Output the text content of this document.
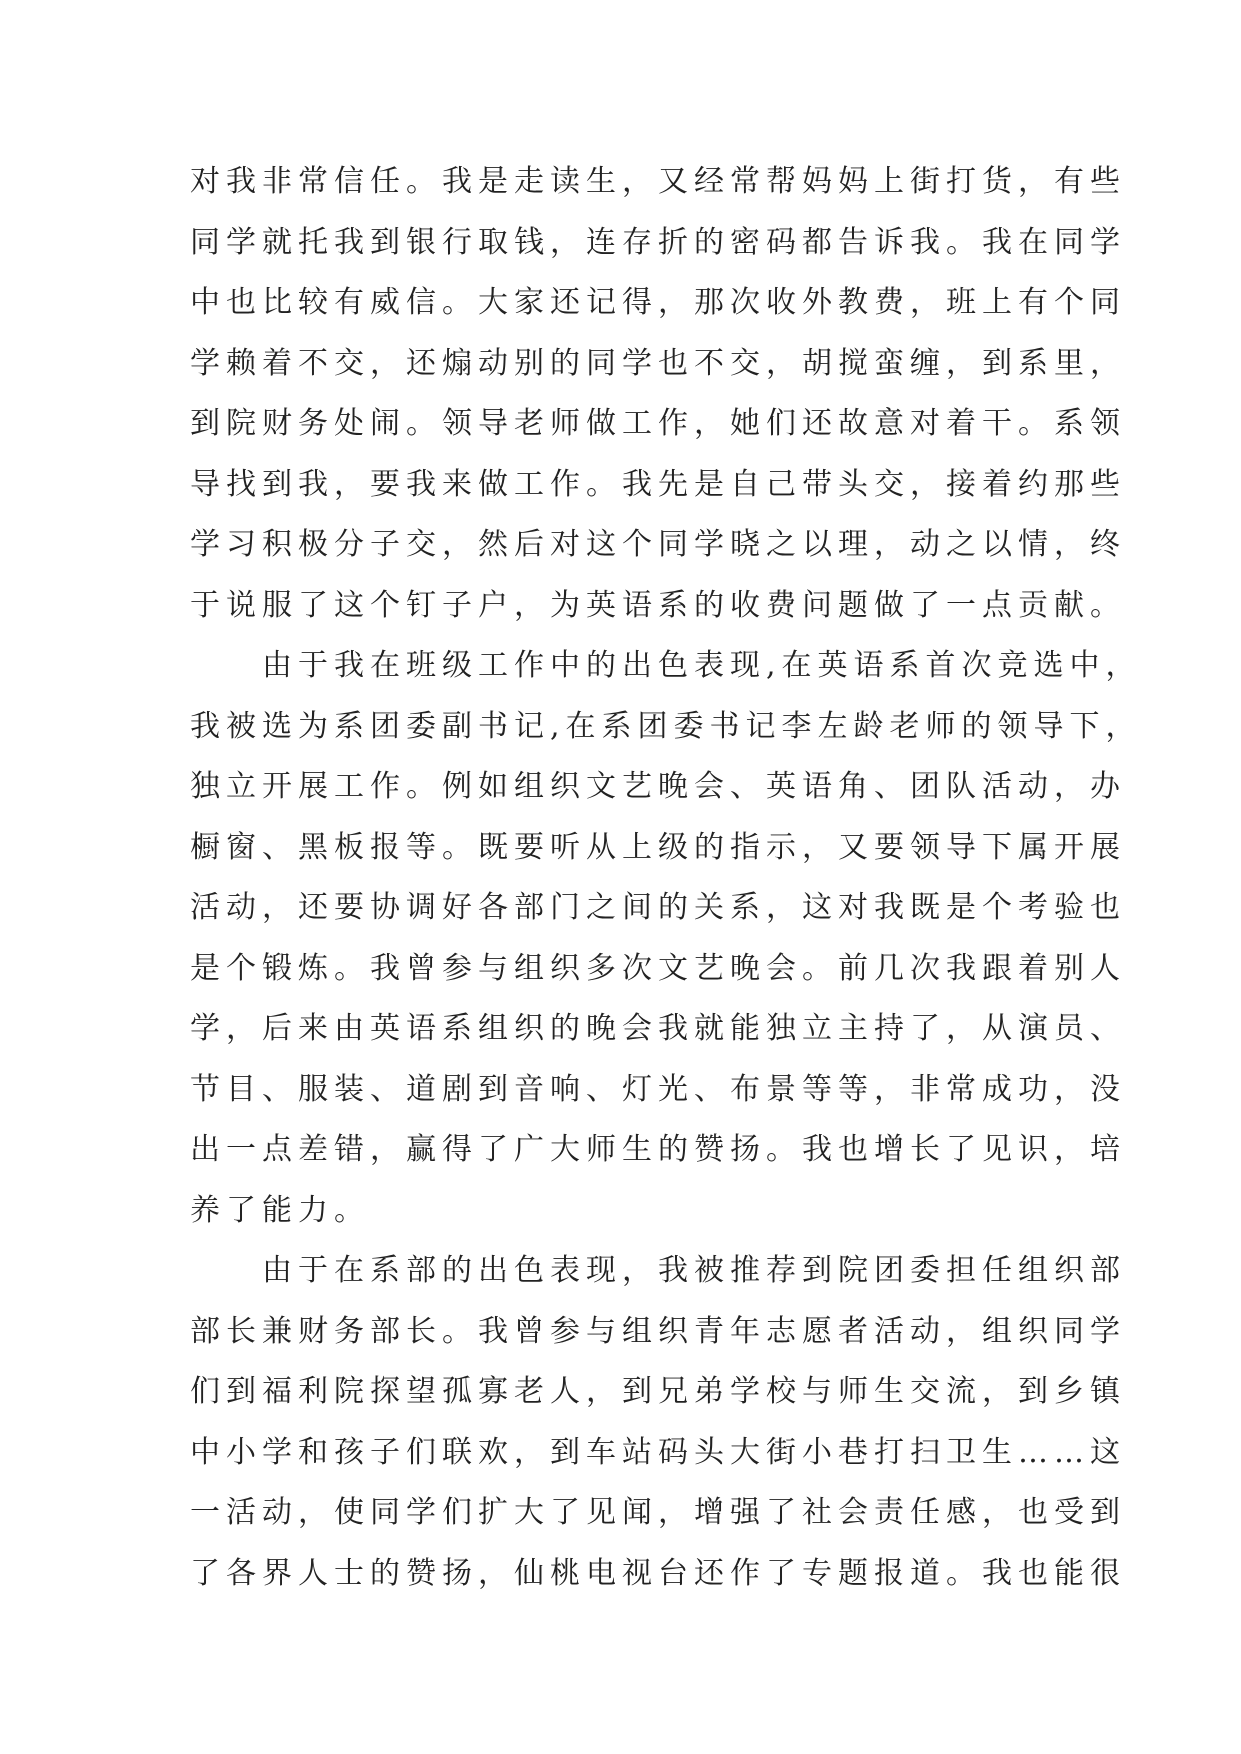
对我非常信任。我是走读生，又经常帮妈妈上街打货，有些
同学就托我到银行取钱，连存折的密码都告诉我。我在同学
中也比较有威信。大家还记得，那次收外教费，班上有个同
学赖着不交，还煽动别的同学也不交，胡搅蛮缠，到系里，
到院财务处闹。领导老师做工作，她们还故意对着干。系领
导找到我，要我来做工作。我先是自己带头交，接着约那些
学习积极分子交，然后对这个同学晓之以理，动之以情，终
于说服了这个钉子户，为英语系的收费问题做了一点贡献。
　　由于我在班级工作中的出色表现,在英语系首次竞选中，
我被选为系团委副书记,在系团委书记李左龄老师的领导下，
独立开展工作。例如组织文艺晚会、英语角、团队活动，办
橱窗、黑板报等。既要听从上级的指示，又要领导下属开展
活动，还要协调好各部门之间的关系，这对我既是个考验也
是个锻炼。我曾参与组织多次文艺晚会。前几次我跟着别人
学，后来由英语系组织的晚会我就能独立主持了，从演员、
节目、服装、道剧到音响、灯光、布景等等，非常成功，没
出一点差错，赢得了广大师生的赞扬。我也增长了见识，培
养了能力。
　　由于在系部的出色表现，我被推荐到院团委担任组织部
部长兼财务部长。我曾参与组织青年志愿者活动，组织同学
们到福利院探望孤寡老人，到兄弟学校与师生交流，到乡镇
中小学和孩子们联欢，到车站码头大街小巷打扫卫生……这
一活动，使同学们扩大了见闻，增强了社会责任感，也受到
了各界人士的赞扬，仙桃电视台还作了专题报道。我也能很
